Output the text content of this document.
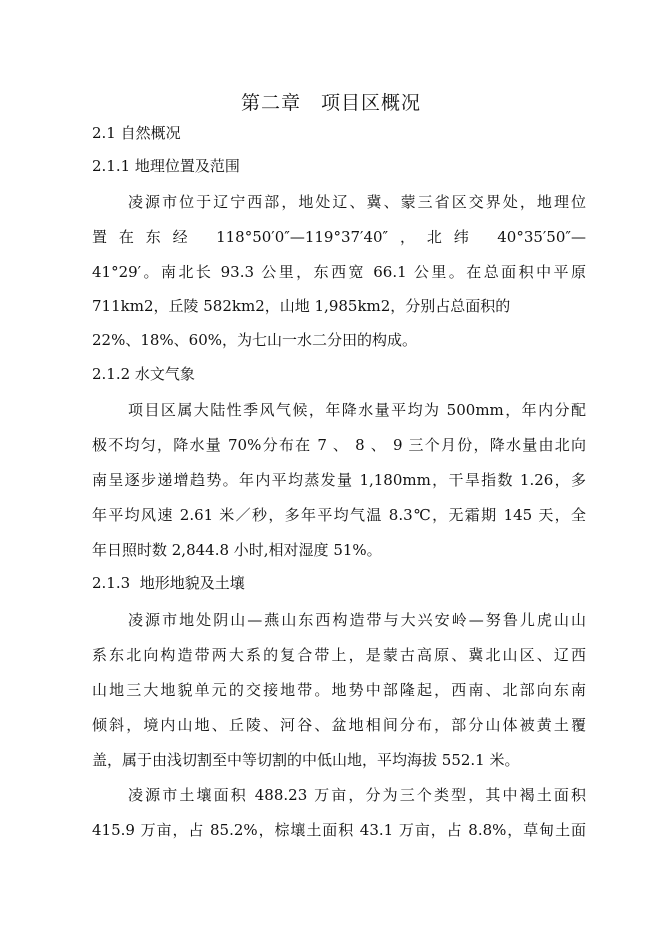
第二章　项目区概况
2.1 自然概况
2.1.1 地理位置及范围
凌源市位于辽宁西部，地处辽、冀、蒙三省区交界处，地理位
置在东经 118°50′0″—119°37′40″，北纬 40°35′50″—
41°29′。南北长 93.3 公里，东西宽 66.1 公里。在总面积中平原
711km2，丘陵 582km2，山地 1,985km2，分别占总面积的
22%、18%、60%，为七山一水二分田的构成。
2.1.2 水文气象
项目区属大陆性季风气候，年降水量平均为 500mm，年内分配
极不均匀，降水量 70%分布在 7 、 8 、 9 三个月份，降水量由北向
南呈逐步递增趋势。年内平均蒸发量 1,180mm，干旱指数 1.26，多
年平均风速 2.61 米／秒，多年平均气温 8.3℃，无霜期 145 天，全
年日照时数 2,844.8 小时,相对湿度 51%。
2.1.3  地形地貌及土壤
凌源市地处阴山—燕山东西构造带与大兴安岭—努鲁儿虎山山
系东北向构造带两大系的复合带上，是蒙古高原、冀北山区、辽西
山地三大地貌单元的交接地带。地势中部隆起，西南、北部向东南
倾斜，境内山地、丘陵、河谷、盆地相间分布，部分山体被黄土覆
盖，属于由浅切割至中等切割的中低山地，平均海拔 552.1 米。
凌源市土壤面积 488.23 万亩，分为三个类型，其中褐土面积
415.9 万亩，占 85.2%，棕壤土面积 43.1 万亩，占 8.8%，草甸土面
